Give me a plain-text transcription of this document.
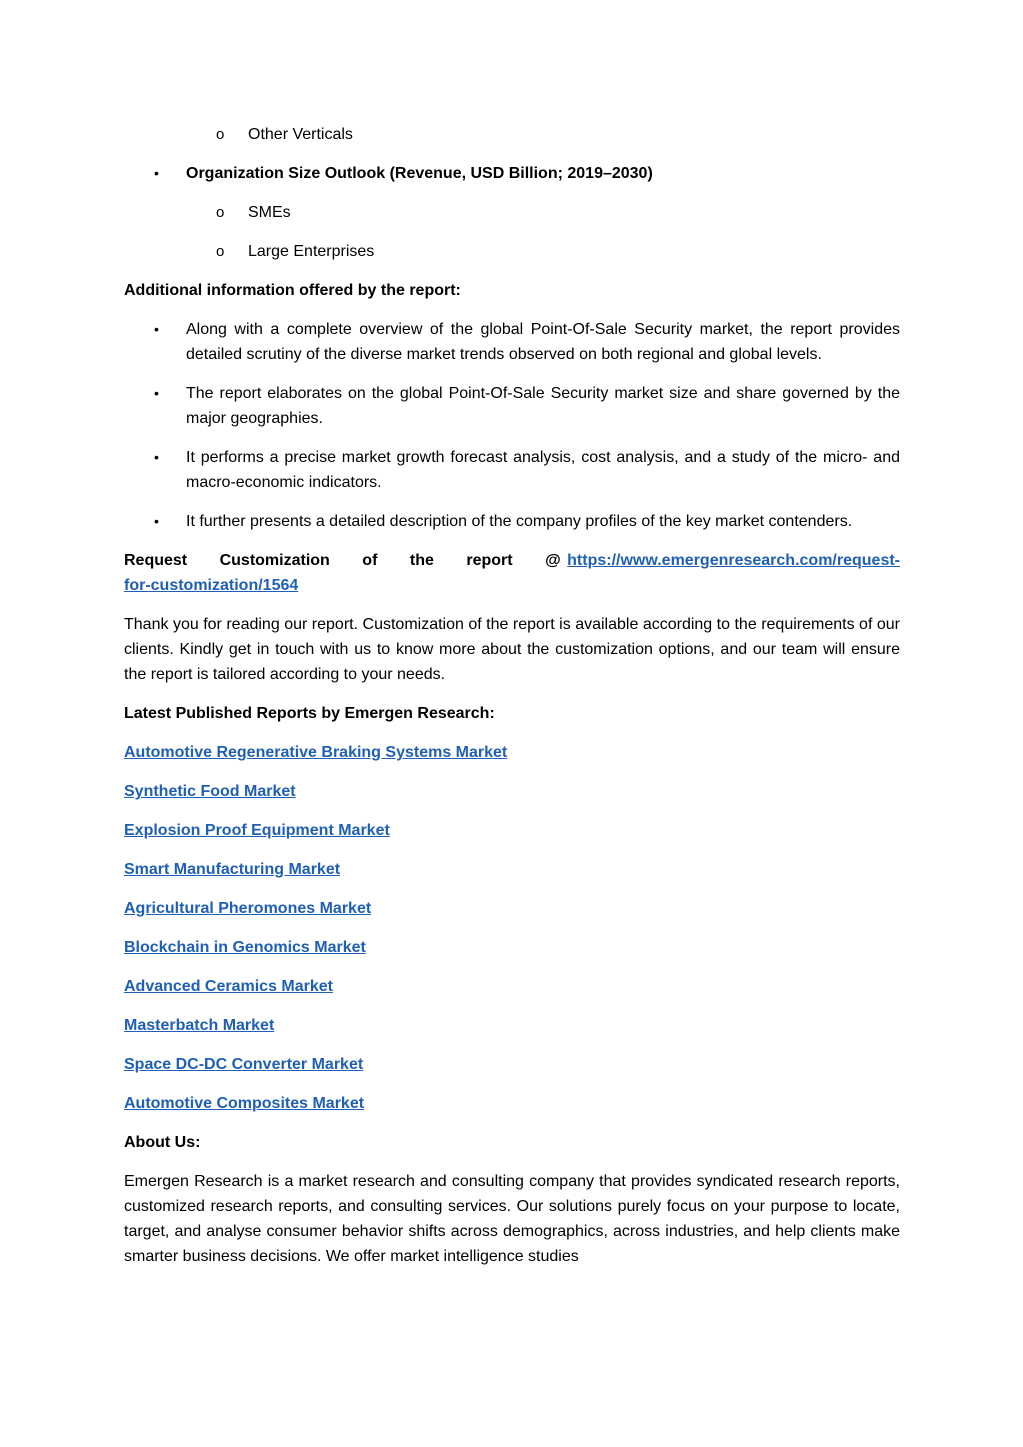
o Other Verticals
• Organization Size Outlook (Revenue, USD Billion; 2019–2030)
o SMEs
o Large Enterprises
Additional information offered by the report:
• Along with a complete overview of the global Point-Of-Sale Security market, the report provides detailed scrutiny of the diverse market trends observed on both regional and global levels.
• The report elaborates on the global Point-Of-Sale Security market size and share governed by the major geographies.
• It performs a precise market growth forecast analysis, cost analysis, and a study of the micro- and macro-economic indicators.
• It further presents a detailed description of the company profiles of the key market contenders.
Request Customization of the report @ https://www.emergenresearch.com/request-for-customization/1564
Thank you for reading our report. Customization of the report is available according to the requirements of our clients. Kindly get in touch with us to know more about the customization options, and our team will ensure the report is tailored according to your needs.
Latest Published Reports by Emergen Research:
Automotive Regenerative Braking Systems Market
Synthetic Food Market
Explosion Proof Equipment Market
Smart Manufacturing Market
Agricultural Pheromones Market
Blockchain in Genomics Market
Advanced Ceramics Market
Masterbatch Market
Space DC-DC Converter Market
Automotive Composites Market
About Us:
Emergen Research is a market research and consulting company that provides syndicated research reports, customized research reports, and consulting services. Our solutions purely focus on your purpose to locate, target, and analyse consumer behavior shifts across demographics, across industries, and help clients make smarter business decisions. We offer market intelligence studies
